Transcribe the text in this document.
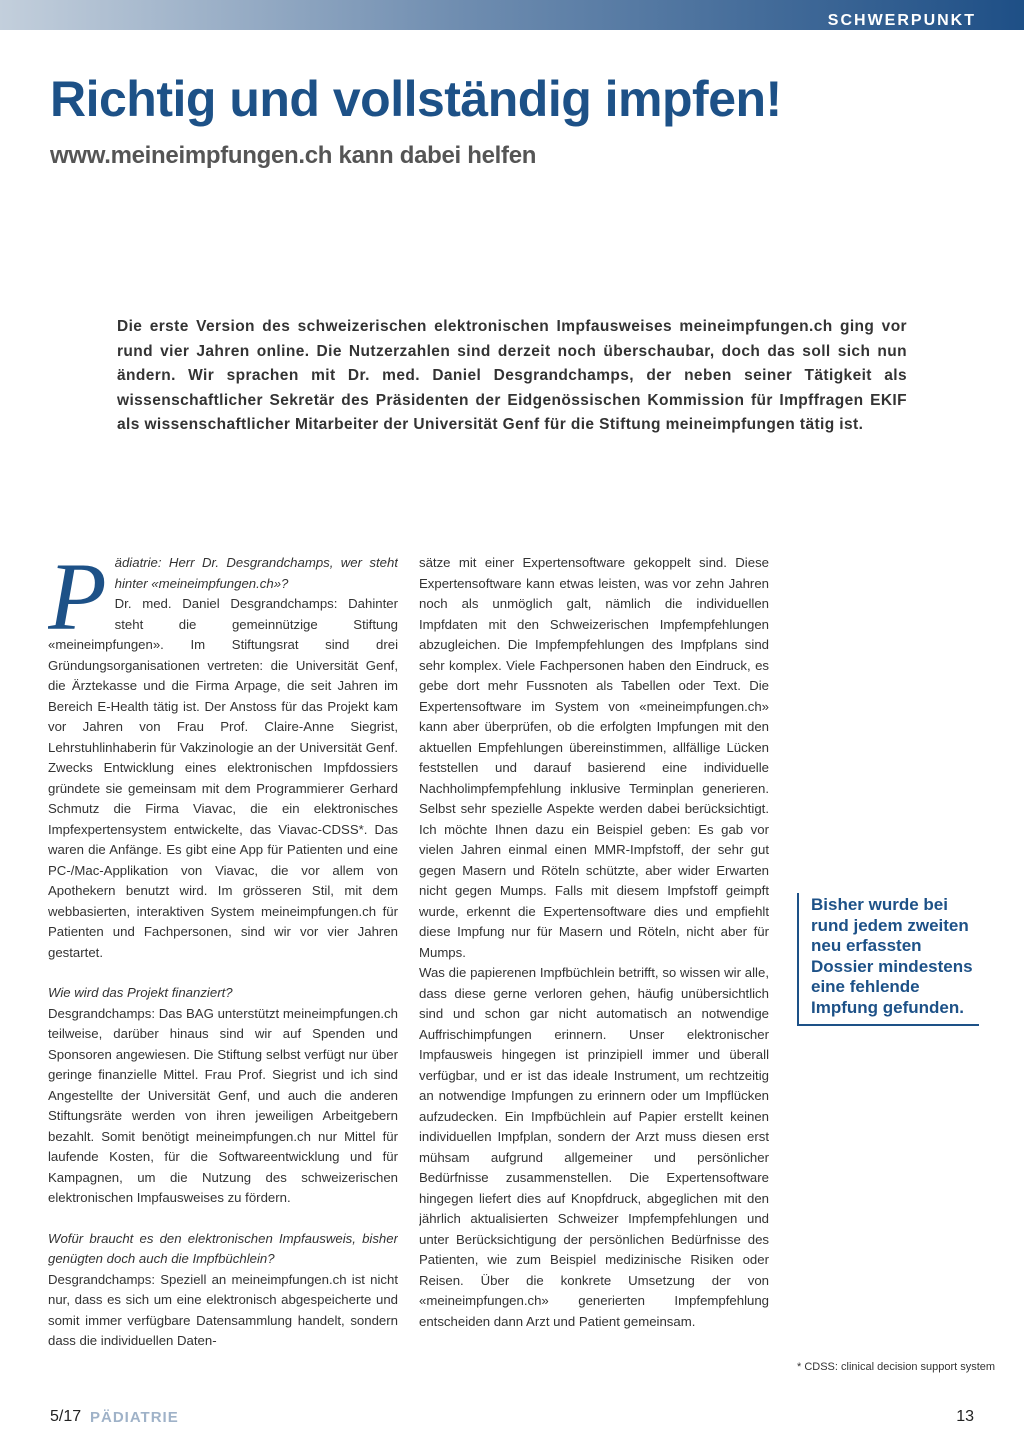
SCHWERPUNKT
Richtig und vollständig impfen!
www.meineimpfungen.ch kann dabei helfen

Die erste Version des schweizerischen elektronischen Impfausweises meineimpfungen.ch ging vor rund vier Jahren online. Die Nutzerzahlen sind derzeit noch überschaubar, doch das soll sich nun ändern. Wir sprachen mit Dr. med. Daniel Desgrandchamps, der neben seiner Tätigkeit als wissenschaftlicher Sekretär des Präsidenten der Eidgenössischen Kommission für Impffragen EKIF als wissenschaftlicher Mitarbeiter der Universität Genf für die Stiftung meineimpfungen tätig ist.

P ädiatrie: Herr Dr. Desgrandchamps, wer steht hinter «meineimpfungen.ch»?

Dr. med. Daniel Desgrandchamps: Dahinter steht die gemeinnützige Stiftung «meineimpfungen». Im Stiftungsrat sind drei Gründungsorganisationen vertreten: die Universität Genf, die Ärztekasse und die Firma Arpage, die seit Jahren im Bereich E-Health tätig ist. Der Anstoss für das Projekt kam vor Jahren von Frau Prof. Claire-Anne Siegrist, Lehrstuhlinhaberin für Vakzinologie an der Universität Genf. Zwecks Entwicklung eines elektronischen Impfdossiers gründete sie gemeinsam mit dem Programmierer Gerhard Schmutz die Firma Viavac, die ein elektronisches Impfexpertensystem entwickelte, das Viavac-CDSS*. Das waren die Anfänge. Es gibt eine App für Patienten und eine PC-/Mac-Applikation von Viavac, die vor allem von Apothekern benutzt wird. Im grösseren Stil, mit dem webbasierten, interaktiven System meineimpfungen.ch für Patienten und Fachpersonen, sind wir vor vier Jahren gestartet.

Wie wird das Projekt finanziert?

Desgrandchamps: Das BAG unterstützt meineimpfungen.ch teilweise, darüber hinaus sind wir auf Spenden und Sponsoren angewiesen. Die Stiftung selbst verfügt nur über geringe finanzielle Mittel. Frau Prof. Siegrist und ich sind Angestellte der Universität Genf, und auch die anderen Stiftungsräte werden von ihren jeweiligen Arbeitgebern bezahlt. Somit benötigt meineimpfungen.ch nur Mittel für laufende Kosten, für die Softwareentwicklung und für Kampagnen, um die Nutzung des schweizerischen elektronischen Impfausweises zu fördern.

Wofür braucht es den elektronischen Impfausweis, bisher genügten doch auch die Impfbüchlein?

Desgrandchamps: Speziell an meineimpfungen.ch ist nicht nur, dass es sich um eine elektronisch abgespeicherte und somit immer verfügbare Datensammlung handelt, sondern dass die individuellen Daten-

sätze mit einer Expertensoftware gekoppelt sind. Diese Expertensoftware kann etwas leisten, was vor zehn Jahren noch als unmöglich galt, nämlich die individuellen Impfdaten mit den Schweizerischen Impfempfehlungen abzugleichen. Die Impfempfehlungen des Impfplans sind sehr komplex. Viele Fachpersonen haben den Eindruck, es gebe dort mehr Fussnoten als Tabellen oder Text. Die Expertensoftware im System von «meineimpfungen.ch» kann aber überprüfen, ob die erfolgten Impfungen mit den aktuellen Empfehlungen übereinstimmen, allfällige Lücken feststellen und darauf basierend eine individuelle Nachholimpfempfehlung inklusive Terminplan generieren. Selbst sehr spezielle Aspekte werden dabei berücksichtigt. Ich möchte Ihnen dazu ein Beispiel geben: Es gab vor vielen Jahren einmal einen MMR-Impfstoff, der sehr gut gegen Masern und Röteln schützte, aber wider Erwarten nicht gegen Mumps. Falls mit diesem Impfstoff geimpft wurde, erkennt die Expertensoftware dies und empfiehlt diese Impfung nur für Masern und Röteln, nicht aber für Mumps.

Was die papierenen Impfbüchlein betrifft, so wissen wir alle, dass diese gerne verloren gehen, häufig unübersichtlich sind und schon gar nicht automatisch an notwendige Auffrischimpfungen erinnern. Unser elektronischer Impfausweis hingegen ist prinzipiell immer und überall verfügbar, und er ist das ideale Instrument, um rechtzeitig an notwendige Impfungen zu erinnern oder um Impflücken aufzudecken. Ein Impfbüchlein auf Papier erstellt keinen individuellen Impfplan, sondern der Arzt muss diesen erst mühsam aufgrund allgemeiner und persönlicher Bedürfnisse zusammenstellen. Die Expertensoftware hingegen liefert dies auf Knopfdruck, abgeglichen mit den jährlich aktualisierten Schweizer Impfempfehlungen und unter Berücksichtigung der persönlichen Bedürfnisse des Patienten, wie zum Beispiel medizinische Risiken oder Reisen. Über die konkrete Umsetzung der von «meineimpfungen.ch» generierten Impfempfehlung entscheiden dann Arzt und Patient gemeinsam.

Bisher wurde bei rund jedem zweiten neu erfassten Dossier mindestens eine fehlende Impfung gefunden.
* CDSS: clinical decision support system
5/17 PÄDIATRIE	13
